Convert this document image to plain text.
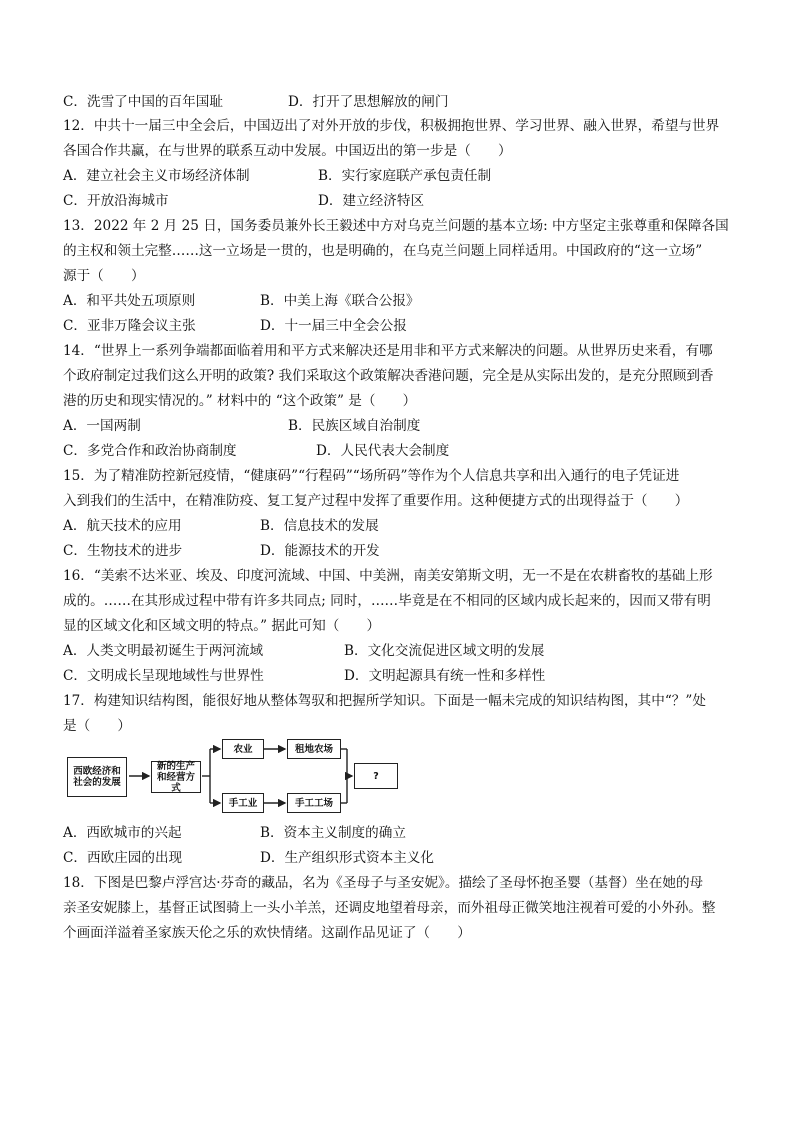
C．洗雪了中国的百年国耻	D．打开了思想解放的闸门
12．中共十一届三中全会后，中国迈出了对外开放的步伐，积极拥抱世界、学习世界、融入世界，希望与世界
各国合作共赢，在与世界的联系互动中发展。中国迈出的第一步是（　　）
A．建立社会主义市场经济体制	B．实行家庭联产承包责任制
C．开放沿海城市	D．建立经济特区
13．2022 年 2 月 25 日，国务委员兼外长王毅述中方对乌克兰问题的基本立场: 中方坚定主张尊重和保障各国
的主权和领土完整……这一立场是一贯的，也是明确的，在乌克兰问题上同样适用。中国政府的“这一立场”
源于（　　）
A．和平共处五项原则	B．中美上海《联合公报》
C．亚非万隆会议主张	D．十一届三中全会公报
14．“世界上一系列争端都面临着用和平方式来解决还是用非和平方式来解决的问题。从世界历史来看，有哪
个政府制定过我们这么开明的政策? 我们采取这个政策解决香港问题，完全是从实际出发的，是充分照顾到香
港的历史和现实情况的。” 材料中的 “这个政策” 是（　　）
A．一国两制	B．民族区域自治制度
C．多党合作和政治协商制度	D．人民代表大会制度
15．为了精准防控新冠疫情，“健康码”“行程码”“场所码”等作为个人信息共享和出入通行的电子凭证进
入到我们的生活中，在精准防疫、复工复产过程中发挥了重要作用。这种便捷方式的出现得益于（　　）
A．航天技术的应用	B．信息技术的发展
C．生物技术的进步	D．能源技术的开发
16．“美索不达米亚、埃及、印度河流域、中国、中美洲，南美安第斯文明，无一不是在农耕畜牧的基础上形
成的。……在其形成过程中带有许多共同点; 同时，……毕竟是在不相同的区域内成长起来的，因而又带有明
显的区域文化和区域文明的特点。” 据此可知（　　）
A．人类文明最初诞生于两河流域	B．文化交流促进区域文明的发展
C．文明成长呈现地域性与世界性	D．文明起源具有统一性和多样性
17．构建知识结构图，能很好地从整体驾驭和把握所学知识。下面是一幅未完成的知识结构图，其中“？”处
是（　　）
西欧经济和社会的发展
新的生产和经营方式
农业	租地农场
手工业	手工工场
?
A．西欧城市的兴起	B．资本主义制度的确立
C．西欧庄园的出现	D．生产组织形式资本主义化
18．下图是巴黎卢浮宫达·芬奇的藏品，名为《圣母子与圣安妮》。描绘了圣母怀抱圣婴（基督）坐在她的母
亲圣安妮膝上，基督正试图骑上一头小羊羔，还调皮地望着母亲，而外祖母正微笑地注视着可爱的小外孙。整
个画面洋溢着圣家族天伦之乐的欢快情绪。这副作品见证了（　　）
